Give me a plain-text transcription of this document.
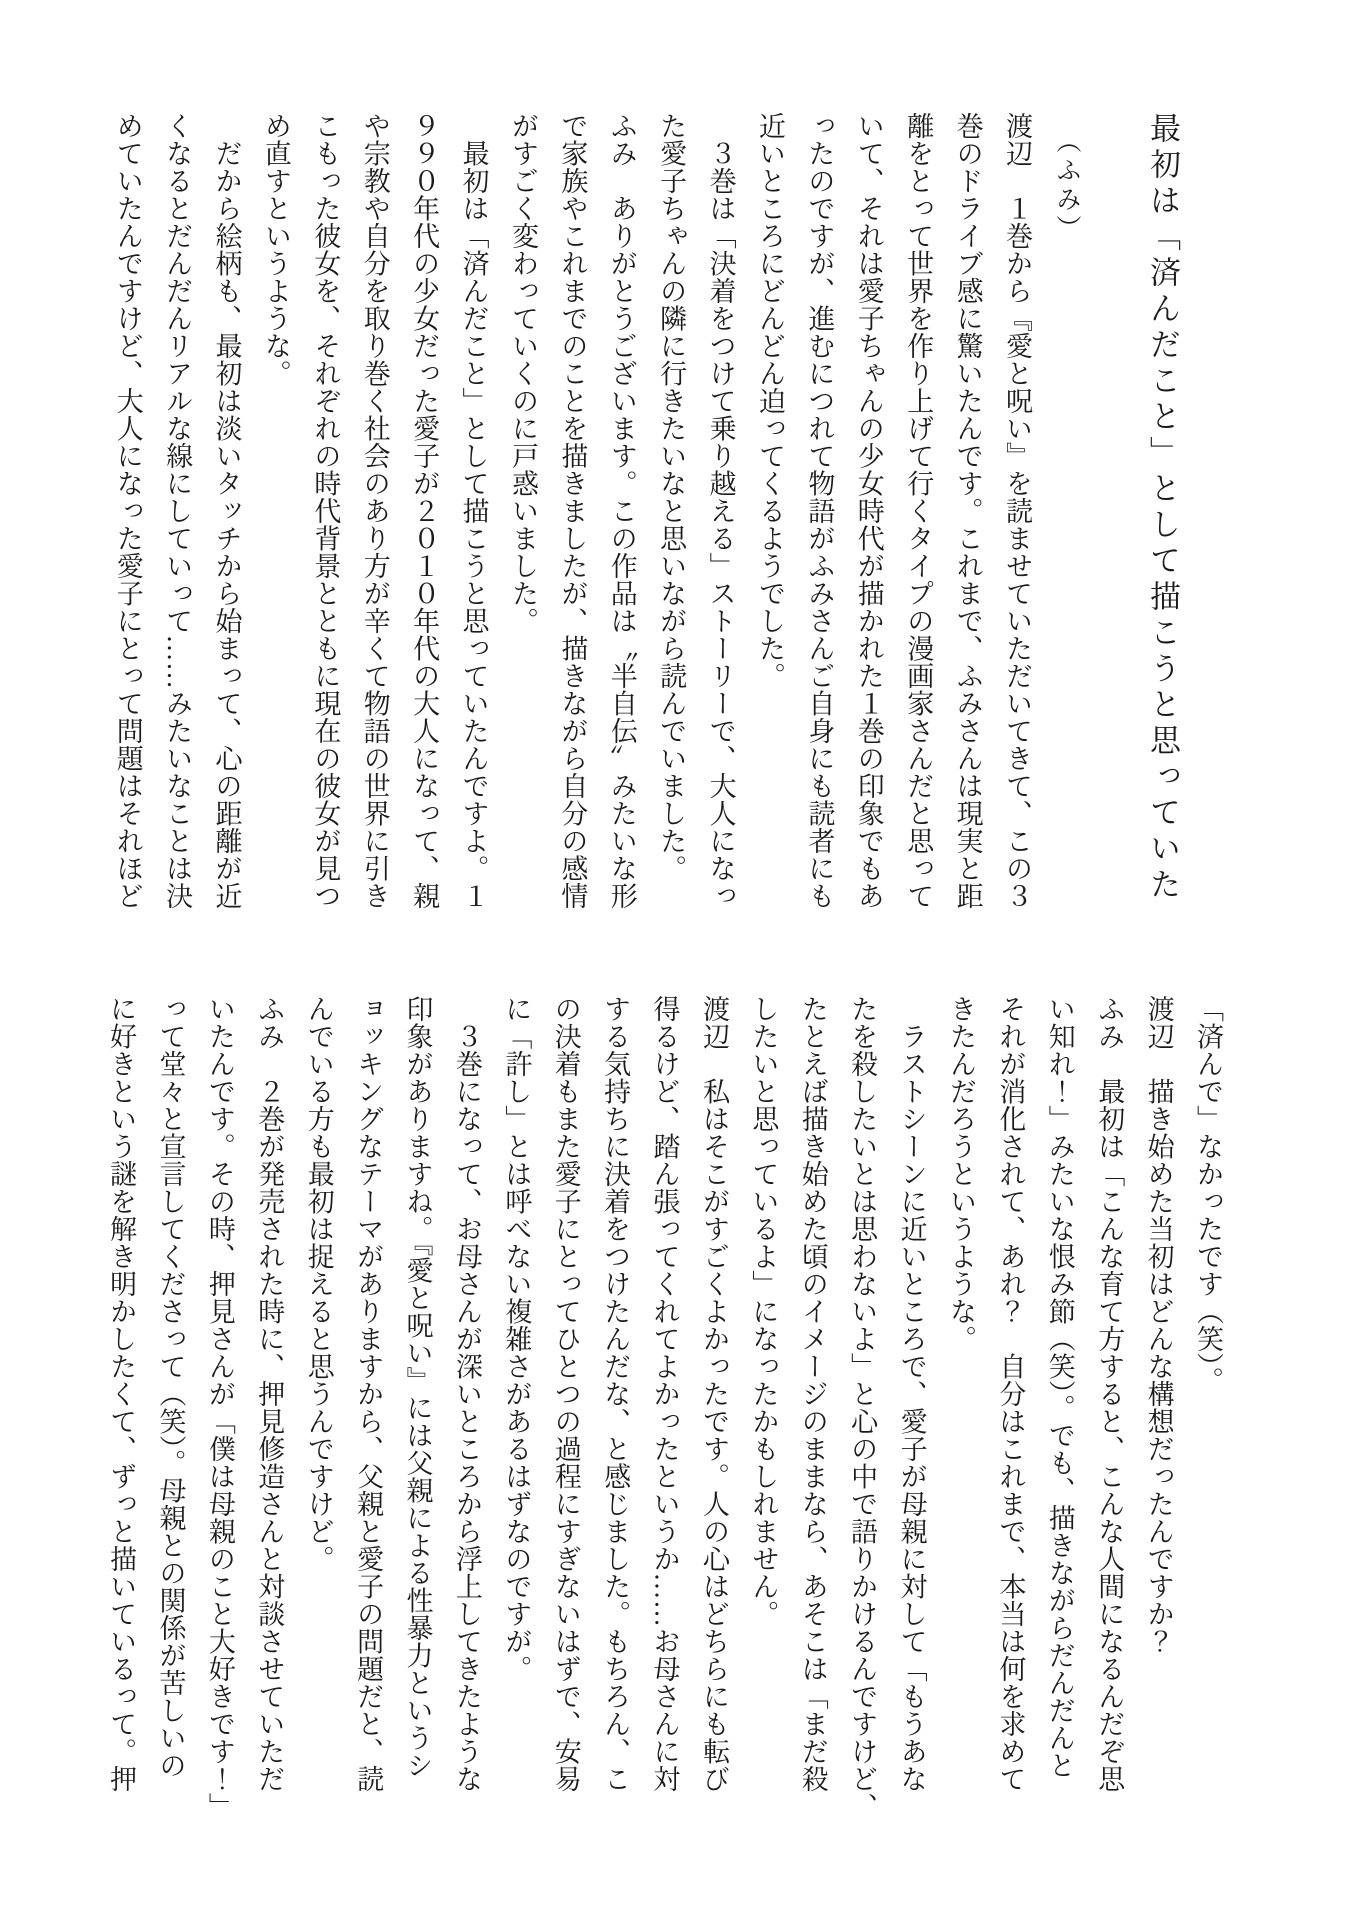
最初は「済んだこと」として描こうと思っていた

（ふみ）

渡辺　１巻から『愛と呪い』を読ませていただいてきて、この３

巻のドライブ感に驚いたんです。これまで、ふみさんは現実と距

離をとって世界を作り上げて行くタイプの漫画家さんだと思って

いて、それは愛子ちゃんの少女時代が描かれた１巻の印象でもあ

ったのですが、進むにつれて物語がふみさんご自身にも読者にも

近いところにどんどん迫ってくるようでした。

　３巻は「決着をつけて乗り越える」ストーリーで、大人になっ

た愛子ちゃんの隣に行きたいなと思いながら読んでいました。

ふみ　ありがとうございます。この作品は〝半自伝〞みたいな形

で家族やこれまでのことを描きましたが、描きながら自分の感情

がすごく変わっていくのに戸惑いました。

　最初は「済んだこと」として描こうと思っていたんですよ。１

９９０年代の少女だった愛子が２０１０年代の大人になって、親

や宗教や自分を取り巻く社会のあり方が辛くて物語の世界に引き

こもった彼女を、それぞれの時代背景とともに現在の彼女が見つ

め直すというような。

　だから絵柄も、最初は淡いタッチから始まって、心の距離が近

くなるとだんだんリアルな線にしていって……みたいなことは決

めていたんですけど、大人になった愛子にとって問題はそれほど

「済んで」なかったです（笑）。

渡辺　描き始めた当初はどんな構想だったんですか？

ふみ　最初は「こんな育て方すると、こんな人間になるんだぞ思

い知れ！」みたいな恨み節（笑）。でも、描きながらだんだんと

それが消化されて、あれ？　自分はこれまで、本当は何を求めて

きたんだろうというような。

　ラストシーンに近いところで、愛子が母親に対して「もうあな

たを殺したいとは思わないよ」と心の中で語りかけるんですけど、

たとえば描き始めた頃のイメージのままなら、あそこは「まだ殺

したいと思っているよ」になったかもしれません。

渡辺　私はそこがすごくよかったです。人の心はどちらにも転び

得るけど、踏ん張ってくれてよかったというか……お母さんに対

する気持ちに決着をつけたんだな、と感じました。もちろん、こ

の決着もまた愛子にとってひとつの過程にすぎないはずで、安易

に「許し」とは呼べない複雑さがあるはずなのですが。

　３巻になって、お母さんが深いところから浮上してきたような

印象がありますね。『愛と呪い』には父親による性暴力というシ

ョッキングなテーマがありますから、父親と愛子の問題だと、読

んでいる方も最初は捉えると思うんですけど。

ふみ　２巻が発売された時に、押見修造さんと対談させていただ

いたんです。その時、押見さんが「僕は母親のこと大好きです！」

って堂々と宣言してくださって（笑）。母親との関係が苦しいの

に好きという謎を解き明かしたくて、ずっと描いているって。押
